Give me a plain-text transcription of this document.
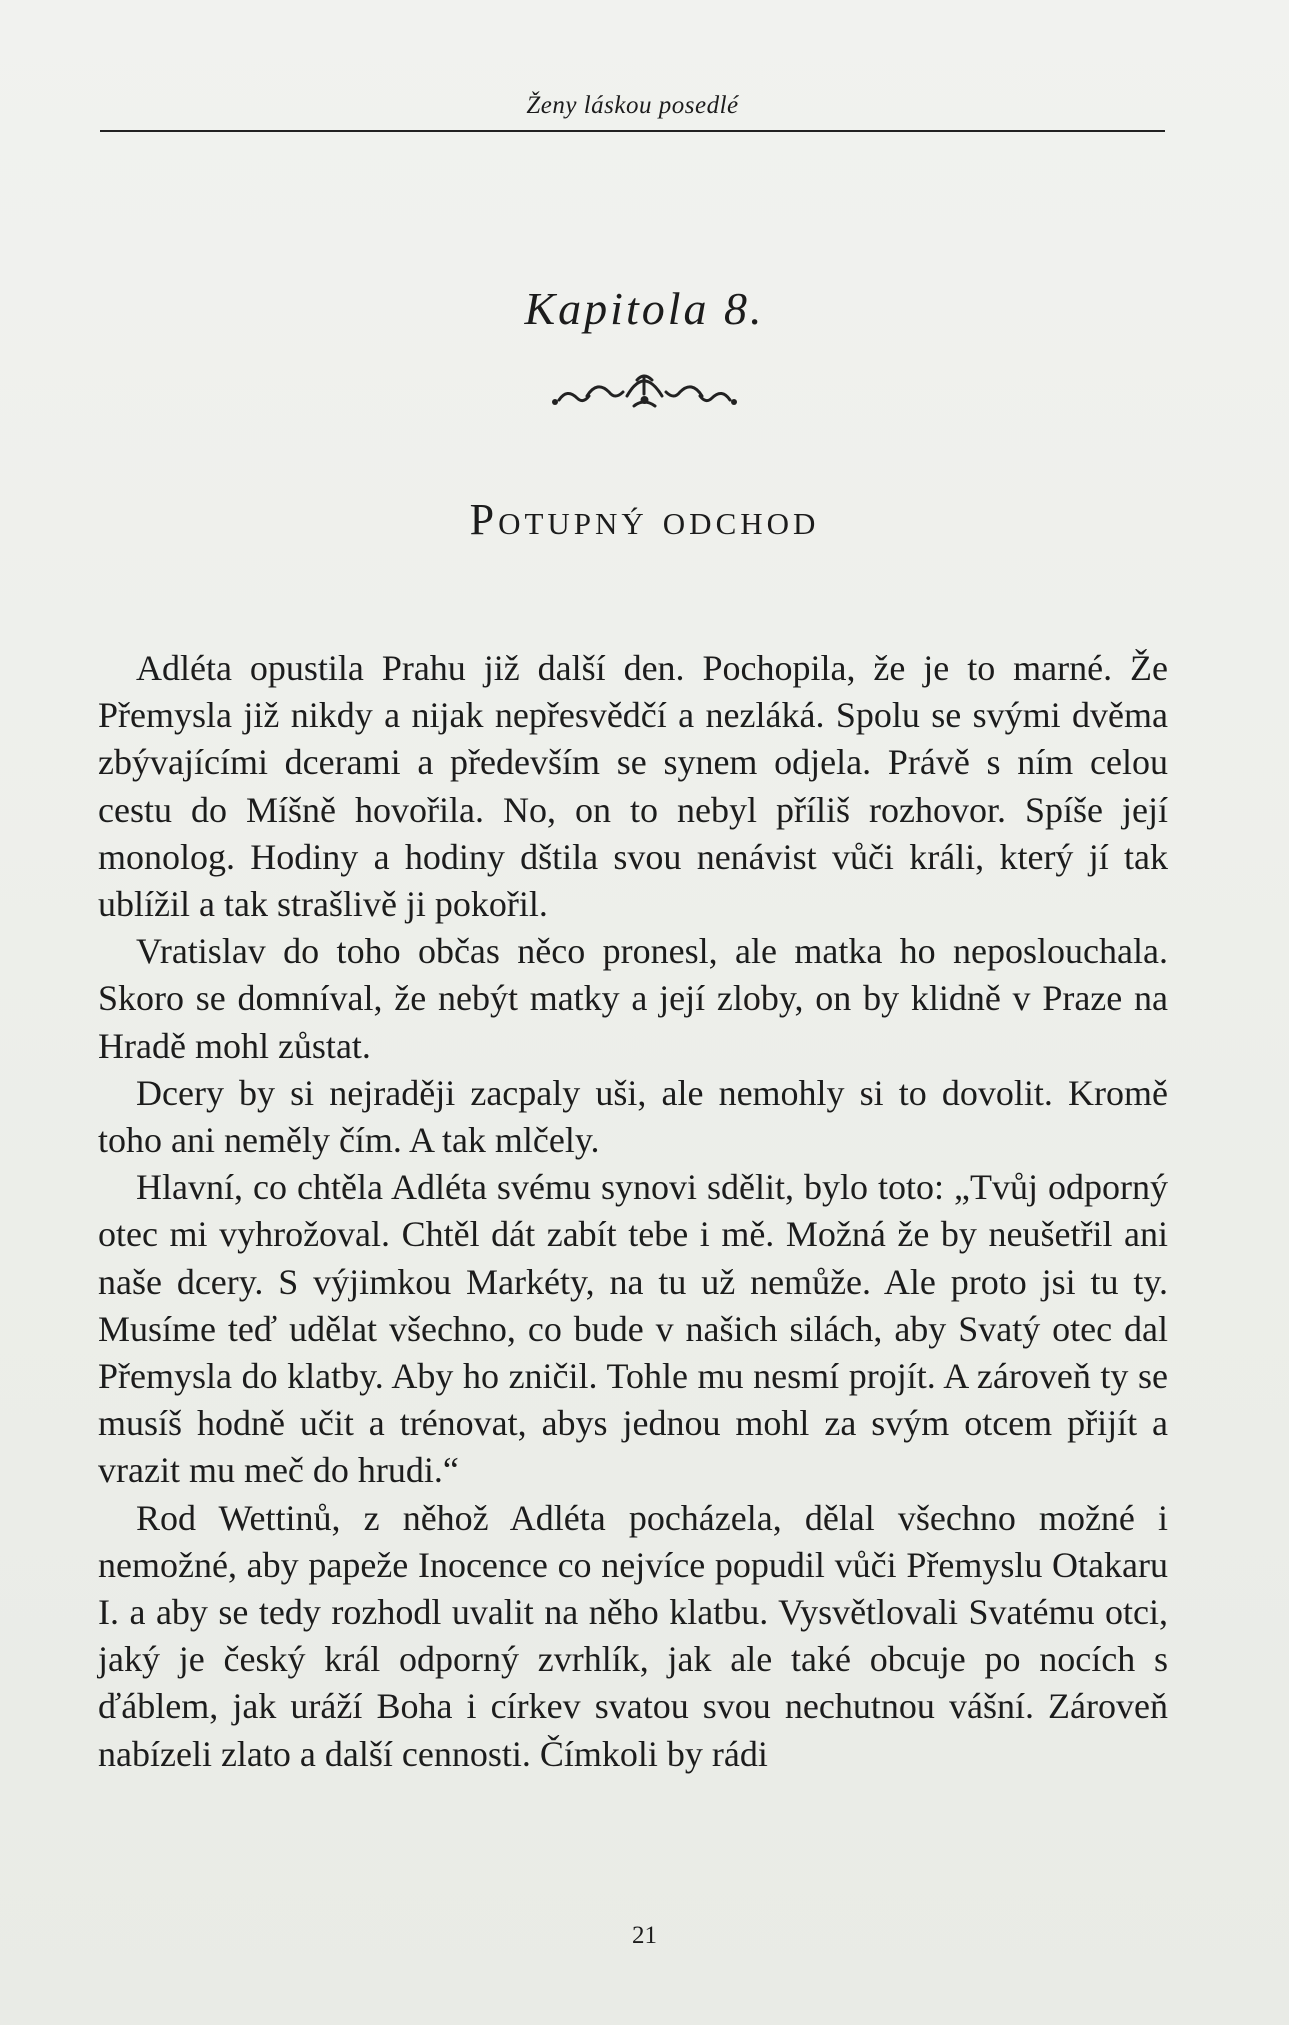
Ženy láskou posedlé
Kapitola 8.
Potupný odchod

Adléta opustila Prahu již další den. Pochopila, že je to marné. Že Přemysla již nikdy a nijak nepřesvědčí a nezláká. Spolu se svými dvěma zbývajícími dcerami a především se synem odjela. Právě s ním celou cestu do Míšně hovořila. No, on to nebyl příliš rozhovor. Spíše její monolog. Hodiny a hodiny dštila svou nenávist vůči králi, který jí tak ublížil a tak strašlivě ji pokořil.

Vratislav do toho občas něco pronesl, ale matka ho neposlouchala. Skoro se domníval, že nebýt matky a její zloby, on by klidně v Praze na Hradě mohl zůstat.

Dcery by si nejraději zacpaly uši, ale nemohly si to dovolit. Kromě toho ani neměly čím. A tak mlčely.

Hlavní, co chtěla Adléta svému synovi sdělit, bylo toto: „Tvůj odporný otec mi vyhrožoval. Chtěl dát zabít tebe i mě. Možná že by neušetřil ani naše dcery. S výjimkou Markéty, na tu už nemůže. Ale proto jsi tu ty. Musíme teď udělat všechno, co bude v našich silách, aby Svatý otec dal Přemysla do klatby. Aby ho zničil. Tohle mu nesmí projít. A zároveň ty se musíš hodně učit a trénovat, abys jednou mohl za svým otcem přijít a vrazit mu meč do hrudi.“

Rod Wettinů, z něhož Adléta pocházela, dělal všechno možné i nemožné, aby papeže Inocence co nejvíce popudil vůči Přemyslu Otakaru I. a aby se tedy rozhodl uvalit na něho klatbu. Vysvětlovali Svatému otci, jaký je český král odporný zvrhlík, jak ale také obcuje po nocích s ďáblem, jak uráží Boha i církev svatou svou nechutnou vášní. Zároveň nabízeli zlato a další cennosti. Čímkoli by rádi

21
